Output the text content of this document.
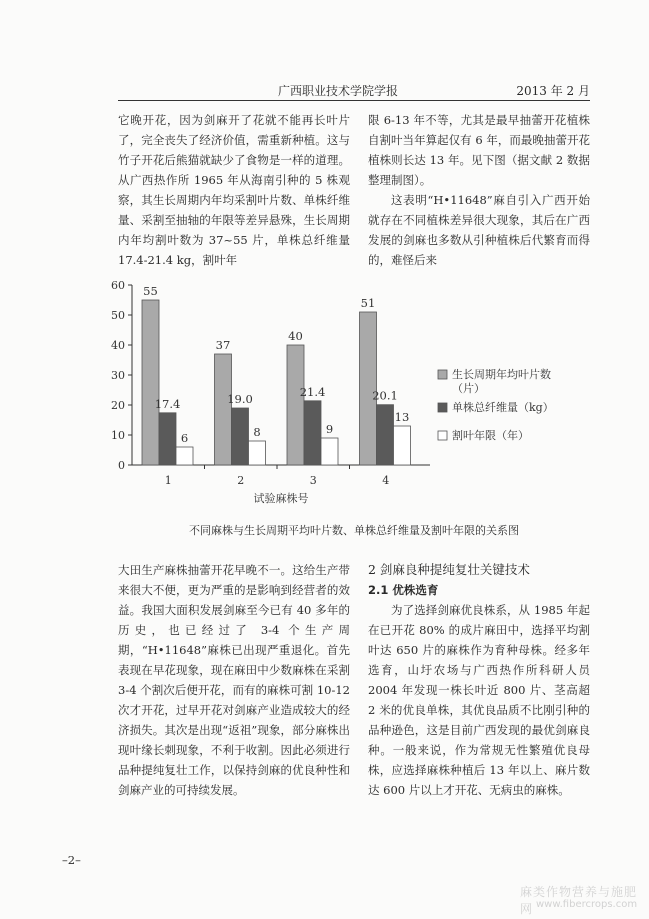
广西职业技术学院学报	2013 年 2 月

它晚开花，因为剑麻开了花就不能再长叶片了，完全丧失了经济价值，需重新种植。这与竹子开花后熊猫就缺少了食物是一样的道理。从广西热作所 1965 年从海南引种的 5 株观察，其生长周期内年均采割叶片数、单株纤维量、采割至抽轴的年限等差异悬殊，生长周期内年均割叶数为 37~55 片，单株总纤维量 17.4-21.4 kg，割叶年

限 6-13 年不等，尤其是最早抽蕾开花植株自割叶当年算起仅有 6 年，而最晚抽蕾开花植株则长达 13 年。见下图（据文献 2 数据整理制图）。

这表明“H•11648”麻自引入广西开始就存在不同植株差异很大现象，其后在广西发展的剑麻也多数从引种植株后代繁育而得的，难怪后来

0
10
20
30
40
50
60
1	2	3	4
55
17.4
6
37
19.0
8
40
21.4
9
51
20.1
13
试验麻株号
生长周期年均叶片数
（片）
单株总纤维量（kg）
割叶年限（年）
不同麻株与生长周期平均叶片数、单株总纤维量及割叶年限的关系图

大田生产麻株抽蕾开花早晚不一。这给生产带来很大不便，更为严重的是影响到经营者的效益。我国大面积发展剑麻至今已有 40 多年的历史，也已经过了 3-4 个生产周期，“H•11648”麻株已出现严重退化。首先表现在早花现象，现在麻田中少数麻株在采割 3-4 个割次后便开花，而有的麻株可割 10-12 次才开花，过早开花对剑麻产业造成较大的经济损失。其次是出现“返祖”现象，部分麻株出现叶缘长刺现象，不利于收割。因此必须进行品种提纯复壮工作，以保持剑麻的优良种性和剑麻产业的可持续发展。

2 剑麻良种提纯复壮关键技术

2.1 优株选育

为了选择剑麻优良株系，从 1985 年起在已开花 80% 的成片麻田中，选择平均割叶达 650 片的麻株作为育种母株。经多年选育，山圩农场与广西热作所科研人员 2004 年发现一株长叶近 800 片、茎高超 2 米的优良单株，其优良品质不比刚引种的品种逊色，这是目前广西发现的最优剑麻良种。一般来说，作为常规无性繁殖优良母株，应选择麻株种植后 13 年以上、麻片数达 600 片以上才开花、无病虫的麻株。

–2–
麻类作物营养与施肥网 www.fibercrops.com
